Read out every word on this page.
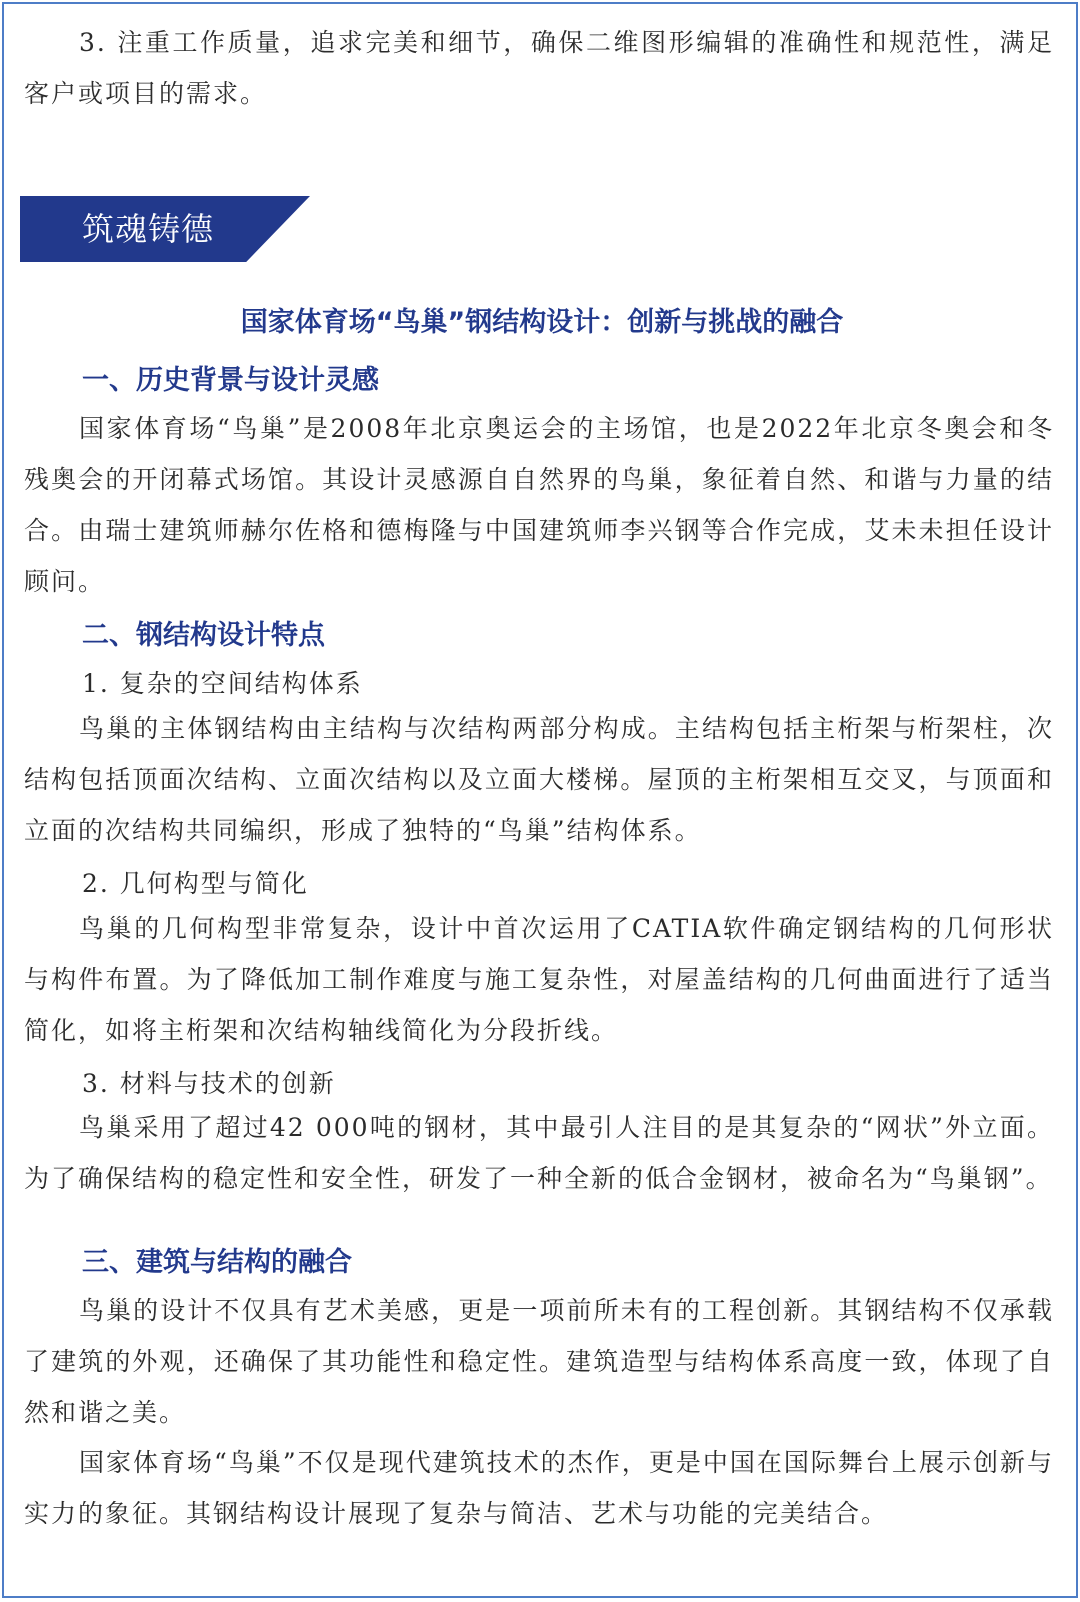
3. 注重工作质量，追求完美和细节，确保二维图形编辑的准确性和规范性，满足客户或项目的需求。

筑魂铸德
国家体育场“鸟巢”钢结构设计：创新与挑战的融合
一、历史背景与设计灵感

国家体育场“鸟巢”是2008年北京奥运会的主场馆，也是2022年北京冬奥会和冬残奥会的开闭幕式场馆。其设计灵感源自自然界的鸟巢，象征着自然、和谐与力量的结合。由瑞士建筑师赫尔佐格和德梅隆与中国建筑师李兴钢等合作完成，艾未未担任设计顾问。

二、钢结构设计特点

1. 复杂的空间结构体系

鸟巢的主体钢结构由主结构与次结构两部分构成。主结构包括主桁架与桁架柱，次结构包括顶面次结构、立面次结构以及立面大楼梯。屋顶的主桁架相互交叉，与顶面和立面的次结构共同编织，形成了独特的“鸟巢”结构体系。

2. 几何构型与简化

鸟巢的几何构型非常复杂，设计中首次运用了CATIA软件确定钢结构的几何形状与构件布置。为了降低加工制作难度与施工复杂性，对屋盖结构的几何曲面进行了适当简化，如将主桁架和次结构轴线简化为分段折线。

3. 材料与技术的创新

鸟巢采用了超过42 000吨的钢材，其中最引人注目的是其复杂的“网状”外立面。为了确保结构的稳定性和安全性，研发了一种全新的低合金钢材，被命名为“鸟巢钢”。

三、建筑与结构的融合

鸟巢的设计不仅具有艺术美感，更是一项前所未有的工程创新。其钢结构不仅承载了建筑的外观，还确保了其功能性和稳定性。建筑造型与结构体系高度一致，体现了自然和谐之美。

国家体育场“鸟巢”不仅是现代建筑技术的杰作，更是中国在国际舞台上展示创新与实力的象征。其钢结构设计展现了复杂与简洁、艺术与功能的完美结合。
